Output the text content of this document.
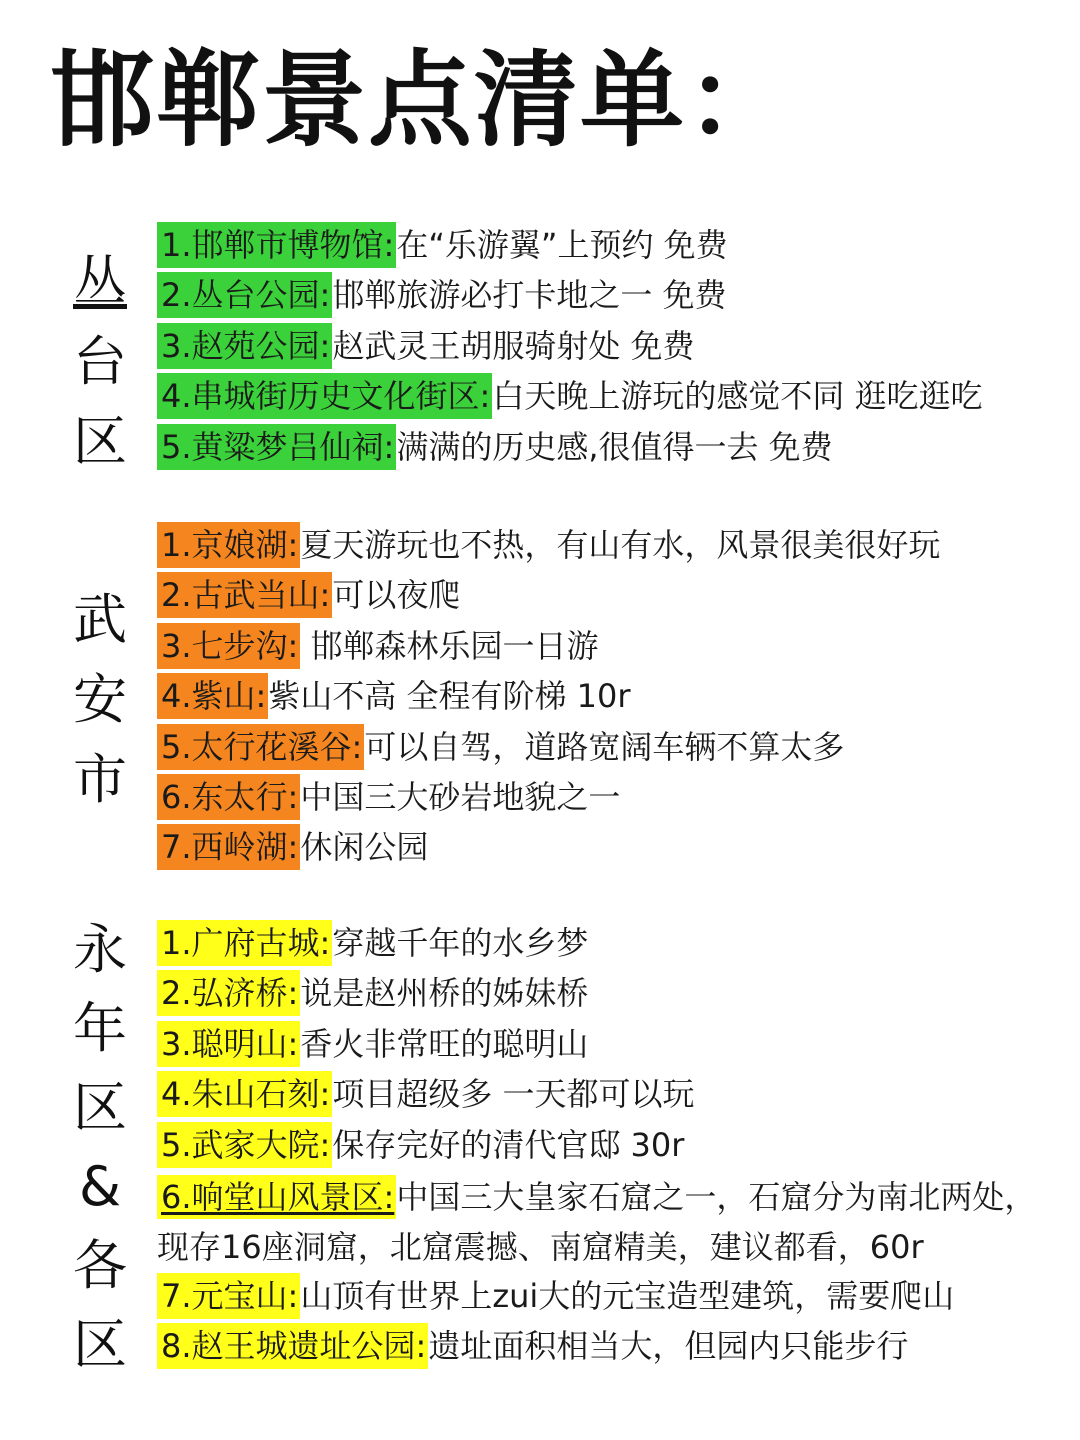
邯郸景点清单：
丛
台
区
1.邯郸市博物馆:在“乐游翼”上预约 免费
2.丛台公园:邯郸旅游必打卡地之一 免费
3.赵苑公园:赵武灵王胡服骑射处 免费
4.串城街历史文化街区:白天晚上游玩的感觉不同 逛吃逛吃
5.黄粱梦吕仙祠:满满的历史感,很值得一去 免费
武
安
市
1.京娘湖:夏天游玩也不热，有山有水，风景很美很好玩
2.古武当山:可以夜爬
3.七步沟: 邯郸森林乐园一日游
4.紫山:紫山不高 全程有阶梯 10r
5.太行花溪谷:可以自驾，道路宽阔车辆不算太多
6.东太行:中国三大砂岩地貌之一
7.西岭湖:休闲公园
永
年
区
&
各
区
1.广府古城:穿越千年的水乡梦
2.弘济桥:说是赵州桥的姊妹桥
3.聪明山:香火非常旺的聪明山
4.朱山石刻:项目超级多 一天都可以玩
5.武家大院:保存完好的清代官邸 30r
6.响堂山风景区:中国三大皇家石窟之一，石窟分为南北两处，现存16座洞窟，北窟震撼、南窟精美，建议都看，60r
7.元宝山:山顶有世界上zui大的元宝造型建筑，需要爬山
8.赵王城遗址公园:遗址面积相当大，但园内只能步行
